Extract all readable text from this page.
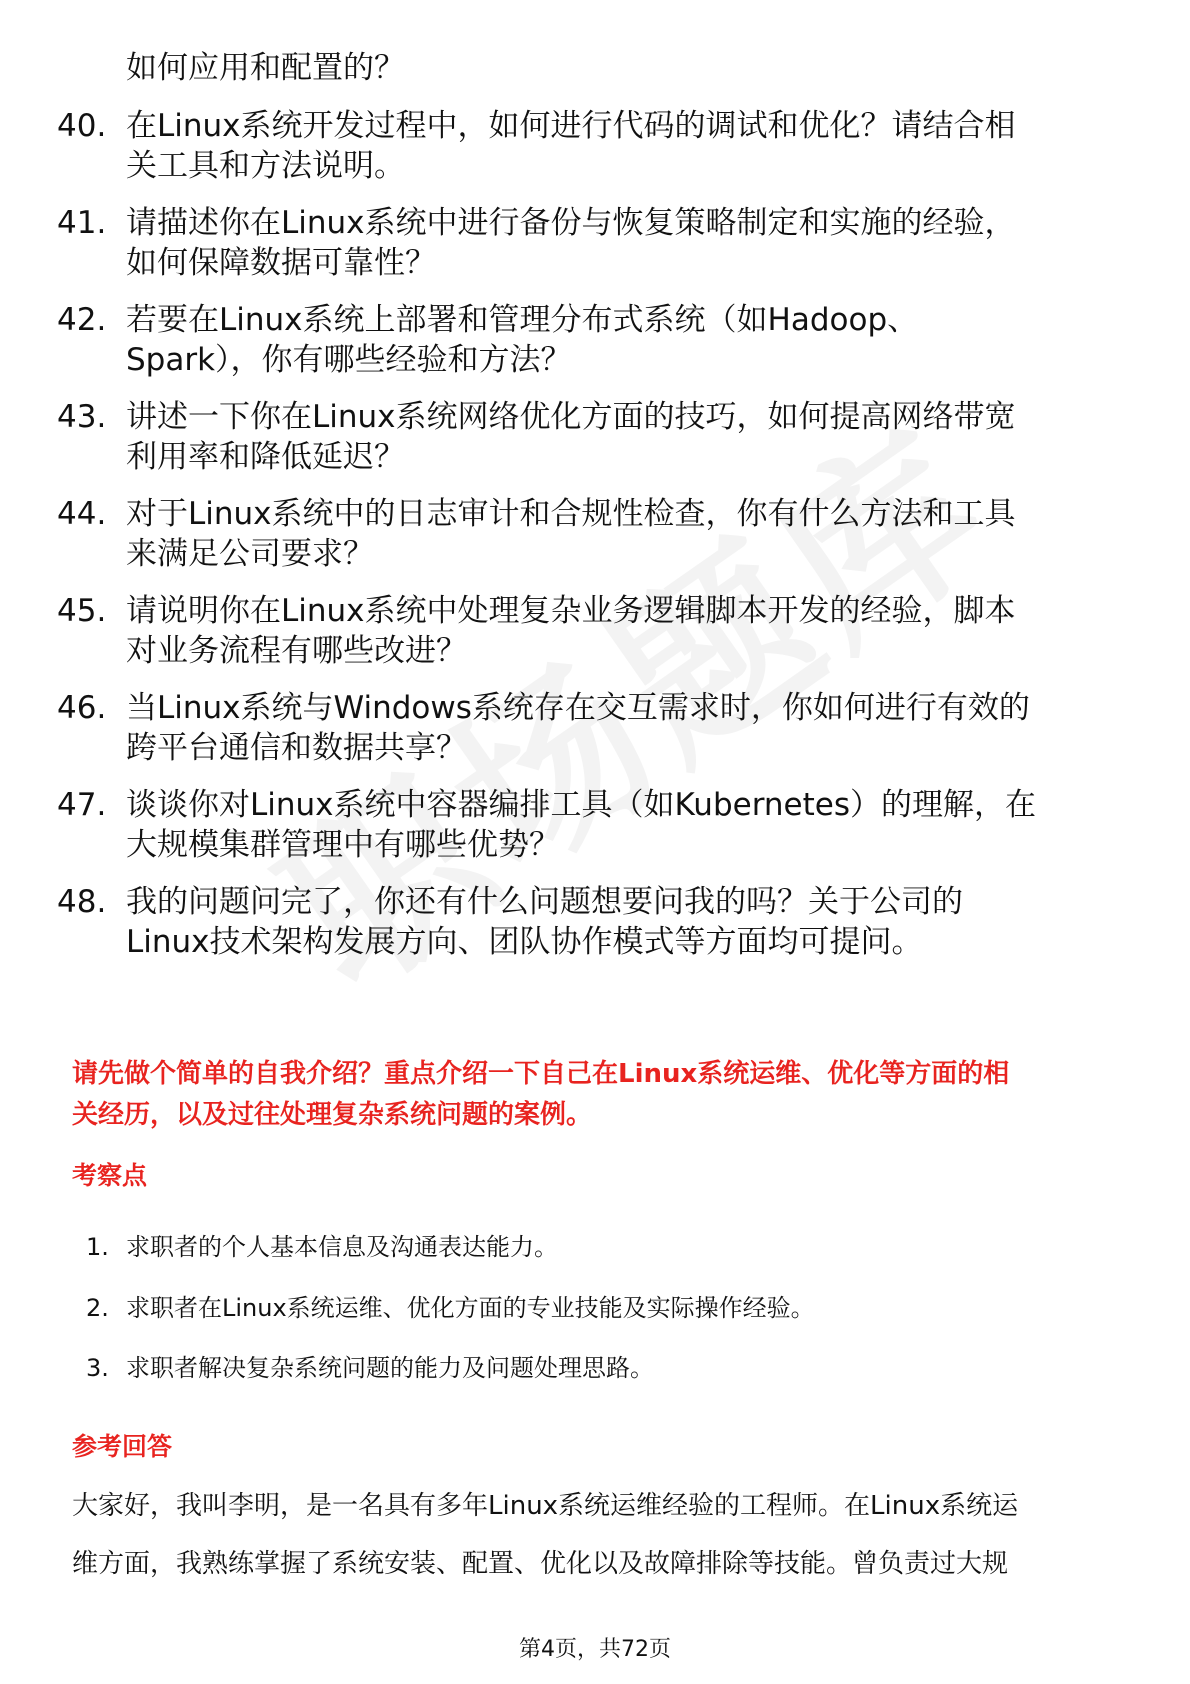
如何应用和配置的？
40. 在Linux系统开发过程中，如何进行代码的调试和优化？请结合相
关工具和方法说明。
41. 请描述你在Linux系统中进行备份与恢复策略制定和实施的经验，
如何保障数据可靠性？
42. 若要在Linux系统上部署和管理分布式系统（如Hadoop、
Spark），你有哪些经验和方法？
43. 讲述一下你在Linux系统网络优化方面的技巧，如何提高网络带宽
利用率和降低延迟？
44. 对于Linux系统中的日志审计和合规性检查，你有什么方法和工具
来满足公司要求？
45. 请说明你在Linux系统中处理复杂业务逻辑脚本开发的经验，脚本
对业务流程有哪些改进？
46. 当Linux系统与Windows系统存在交互需求时，你如何进行有效的
跨平台通信和数据共享？
47. 谈谈你对Linux系统中容器编排工具（如Kubernetes）的理解，在
大规模集群管理中有哪些优势？
48. 我的问题问完了，你还有什么问题想要问我的吗？关于公司的
Linux技术架构发展方向、团队协作模式等方面均可提问。
请先做个简单的自我介绍？重点介绍一下自己在Linux系统运维、优化等方面的相
关经历，以及过往处理复杂系统问题的案例。
考察点
1. 求职者的个人基本信息及沟通表达能力。
2. 求职者在Linux系统运维、优化方面的专业技能及实际操作经验。
3. 求职者解决复杂系统问题的能力及问题处理思路。
参考回答
大家好，我叫李明，是一名具有多年Linux系统运维经验的工程师。在Linux系统运
维方面，我熟练掌握了系统安装、配置、优化以及故障排除等技能。曾负责过大规
第4页，共72页
